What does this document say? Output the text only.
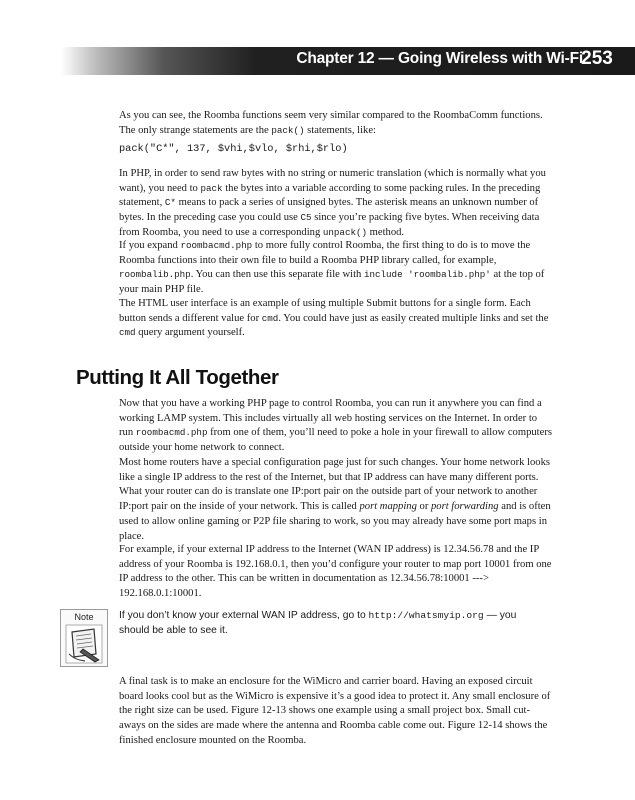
Chapter 12 — Going Wireless with Wi-Fi
253

As you can see, the Roomba functions seem very similar compared to the RoombaComm functions. The only strange statements are the pack() statements, like:

pack("C*", 137, $vhi,$vlo, $rhi,$rlo)

In PHP, in order to send raw bytes with no string or numeric translation (which is normally what you want), you need to pack the bytes into a variable according to some packing rules. In the preceding statement, C* means to pack a series of unsigned bytes. The asterisk means an unknown number of bytes. In the preceding case you could use C5 since you’re packing five bytes. When receiving data from Roomba, you need to use a corresponding unpack() method.

If you expand roombacmd.php to more fully control Roomba, the first thing to do is to move the Roomba functions into their own file to build a Roomba PHP library called, for example, roombalib.php. You can then use this separate file with include 'roombalib.php' at the top of your main PHP file.

The HTML user interface is an example of using multiple Submit buttons for a single form. Each button sends a different value for cmd. You could have just as easily created multiple links and set the cmd query argument yourself.

Putting It All Together

Now that you have a working PHP page to control Roomba, you can run it anywhere you can find a working LAMP system. This includes virtually all web hosting services on the Internet. In order to run roombacmd.php from one of them, you’ll need to poke a hole in your firewall to allow computers outside your home network to connect.

Most home routers have a special configuration page just for such changes. Your home network looks like a single IP address to the rest of the Internet, but that IP address can have many different ports. What your router can do is translate one IP:port pair on the outside part of your network to another IP:port pair on the inside of your network. This is called port mapping or port forwarding and is often used to allow online gaming or P2P file sharing to work, so you may already have some port maps in place.

For example, if your external IP address to the Internet (WAN IP address) is 12.34.56.78 and the IP address of your Roomba is 192.168.0.1, then you’d configure your router to map port 10001 from one IP address to the other. This can be written in documentation as 12.34.56.78:10001 ---> 192.168.0.1:10001.

Note	If you don’t know your external WAN IP address, go to http://whatsmyip.org — you should be able to see it.

A final task is to make an enclosure for the WiMicro and carrier board. Having an exposed circuit board looks cool but as the WiMicro is expensive it’s a good idea to protect it. Any small enclosure of the right size can be used. Figure 12-13 shows one example using a small project box. Small cut-aways on the sides are made where the antenna and Roomba cable come out. Figure 12-14 shows the finished enclosure mounted on the Roomba.
